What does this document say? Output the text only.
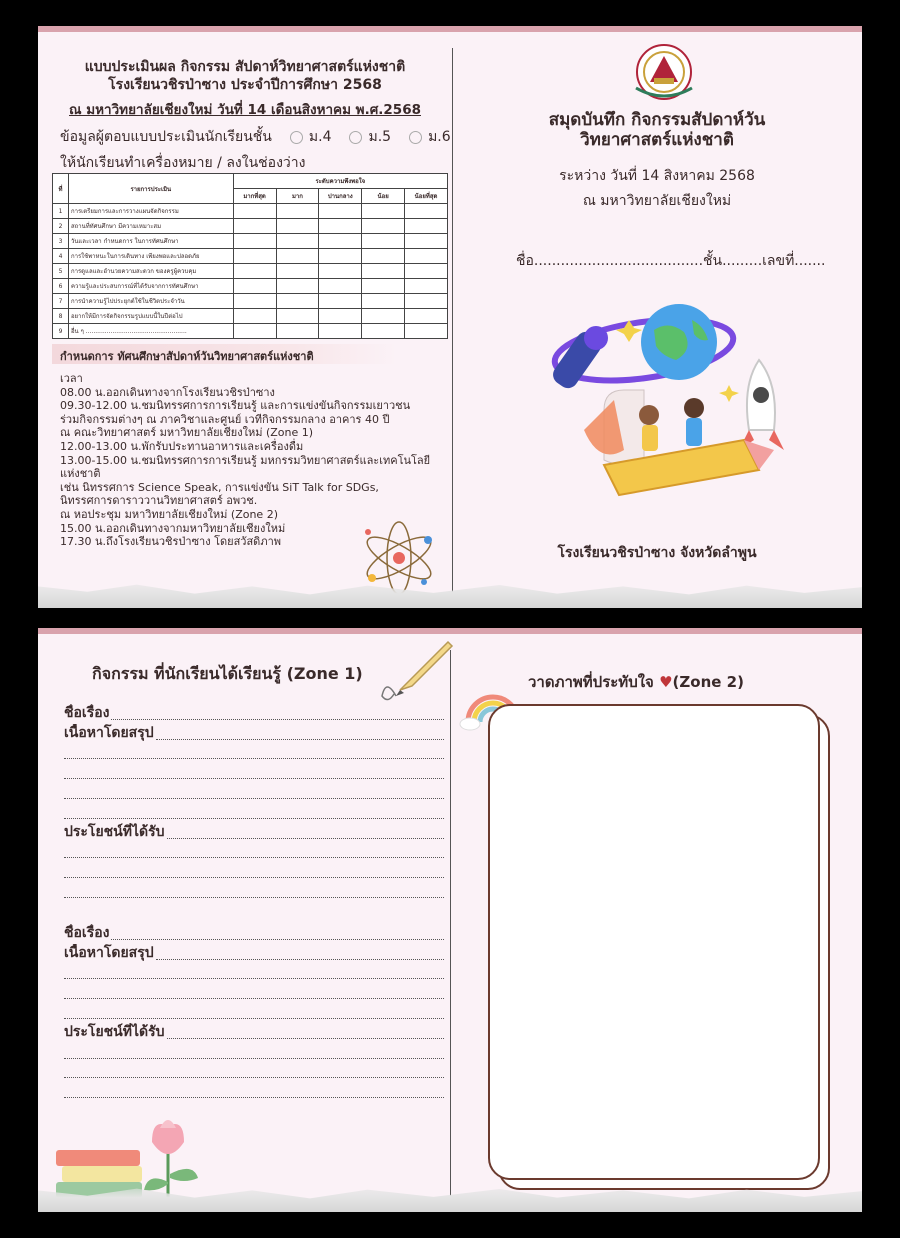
แบบประเมินผล กิจกรรม สัปดาห์วิทยาศาสตร์แห่งชาติ
โรงเรียนวชิรป่าซาง ประจำปีการศึกษา 2568
ณ มหาวิทยาลัยเชียงใหม่ วันที่ 14 เดือนสิงหาคม พ.ศ.2568
ข้อมูลผู้ตอบแบบประเมินนักเรียนชั้น	ม.4	ม.5	ม.6
ให้นักเรียนทำเครื่องหมาย / ลงในช่องว่าง
ที่	รายการประเมิน	ระดับความพึงพอใจ				
		มากที่สุด	มาก	ปานกลาง	น้อย	น้อยที่สุด
1	การเตรียมการและการวางแผนจัดกิจกรรม					
2	สถานที่ทัศนศึกษา มีความเหมาะสม					
3	วันและเวลา กำหนดการ ในการทัศนศึกษา					
4	การใช้พาหนะในการเดินทาง เพียงพอและปลอดภัย					
5	การดูแลและอำนวยความสะดวก ของครูผู้ควบคุม					
6	ความรู้และประสบการณ์ที่ได้รับจากการทัศนศึกษา					
7	การนำความรู้ไปประยุกต์ใช้ในชีวิตประจำวัน					
8	อยากให้มีการจัดกิจกรรมรูปแบบนี้ในปีต่อไป					
9	อื่น ๆ .....................................................					
กำหนดการ ทัศนศึกษาสัปดาห์วันวิทยาศาสตร์แห่งชาติ
เวลา
08.00 น.ออกเดินทางจากโรงเรียนวชิรป่าซาง
09.30-12.00 น.ชมนิทรรศการการเรียนรู้ และการแข่งขันกิจกรรมเยาวชน
ร่วมกิจกรรมต่างๆ ณ ภาควิชาและศูนย์ เวทีกิจกรรมกลาง อาคาร 40 ปี
ณ คณะวิทยาศาสตร์ มหาวิทยาลัยเชียงใหม่ (Zone 1)
12.00-13.00 น.พักรับประทานอาหารและเครื่องดื่ม
13.00-15.00 น.ชมนิทรรศการการเรียนรู้ มหกรรมวิทยาศาสตร์และเทคโนโลยีแห่งชาติ
เช่น นิทรรศการ Science Speak, การแข่งขัน SiT Talk for SDGs,
นิทรรศการดาราววานวิทยาศาสตร์ อพวช.
ณ หอประชุม มหาวิทยาลัยเชียงใหม่ (Zone 2)
15.00 น.ออกเดินทางจากมหาวิทยาลัยเชียงใหม่
17.30 น.ถึงโรงเรียนวชิรป่าซาง โดยสวัสดิภาพ
สมุดบันทึก กิจกรรมสัปดาห์วัน
วิทยาศาสตร์แห่งชาติ
ระหว่าง วันที่ 14 สิงหาคม 2568
ณ มหาวิทยาลัยเชียงใหม่
ชื่อ......................................ชั้น.........เลขที่.......
โรงเรียนวชิรป่าซาง จังหวัดลำพูน
กิจกรรม ที่นักเรียนได้เรียนรู้ (Zone 1)
ชื่อเรื่อง
เนื้อหาโดยสรุป
ประโยชน์ที่ได้รับ
ชื่อเรื่อง
เนื้อหาโดยสรุป
ประโยชน์ที่ได้รับ
วาดภาพที่ประทับใจ ♥(Zone 2)
